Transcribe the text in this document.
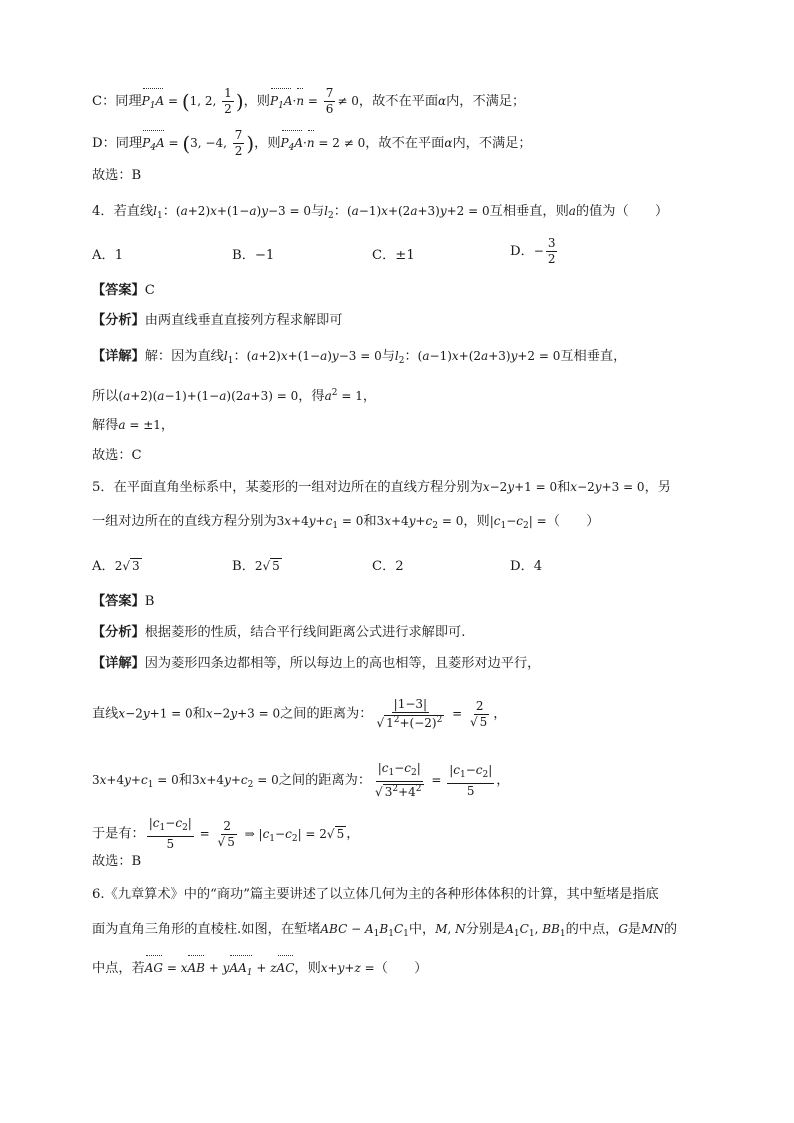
C：同理$P_1A = (1$, 2, $\frac{1}{2}$ )，则$P_1A\cdot n = \frac{7}{6} \ne 0$，故不在平面α内，不满足；
D：同理$P_4A = (3$, −4, $\frac{7}{2}$ )，则$P_4A\cdot n = 2 \ne 0$，故不在平面α内，不满足；
故选：B
4．若直线$l_1$：(a+2)x+(1−a)y−3 = 0与$l_2$：(a−1)x+(2a+3)y+2 = 0互相垂直，则a的值为（　　）
A．1	B．−1	C．±1	D．− $\frac{3}{2}$
【答案】C
【分析】由两直线垂直直接列方程求解即可
【详解】解：因为直线$l_1$：(a+2)x+(1−a)y−3 = 0与$l_2$：(a−1)x+(2a+3)y+2 = 0互相垂直，
所以(a+2)(a−1)+(1−a)(2a+3) = 0，得$a^2 = 1$，
解得a = ±1，
故选：C
5．在平面直角坐标系中，某菱形的一组对边所在的直线方程分别为x−2y+1 = 0和x−2y+3 = 0，另
一组对边所在的直线方程分别为$3x+4y+c_1 = 0$和$3x+4y+c_2 = 0$，则$|c_1-c_2|$ =（　　）
A．2√ 3	B．2√ 5	C．2	D．4
【答案】B
【分析】根据菱形的性质，结合平行线间距离公式进行求解即可.
【详解】因为菱形四条边都相等，所以每边上的高也相等，且菱形对边平行，
直线x−2y+1 = 0和x−2y+3 = 0之间的距离为： $\frac{|1-3|}{√ 1^2+(-2)^2} = \frac{2}{√ 5}$ ，
$3x+4y+c_1 = 0$和$3x+4y+c_2 = 0$之间的距离为： $\frac{|c_1-c_2|}{√ 3^2+4^2} = \frac{|c_1-c_2|}{5}$ ，
于是有： $\frac{|c_1-c_2|}{5} = \frac{2}{√ 5}$ ⇒ $|c_1-c_2| = 2√$ 5 ，
故选：B
6.《九章算术》中的“商功”篇主要讲述了以立体几何为主的各种形体体积的计算，其中堑堵是指底
面为直角三角形的直棱柱.如图，在堑堵ABC − $A_1B_1C_1$中，M, N分别是$A_1C_1$, $BB_1$的中点，G是MN的
中点，若AG = xAB + yAA$_1$ + zAC，则x+y+z =（　　）
